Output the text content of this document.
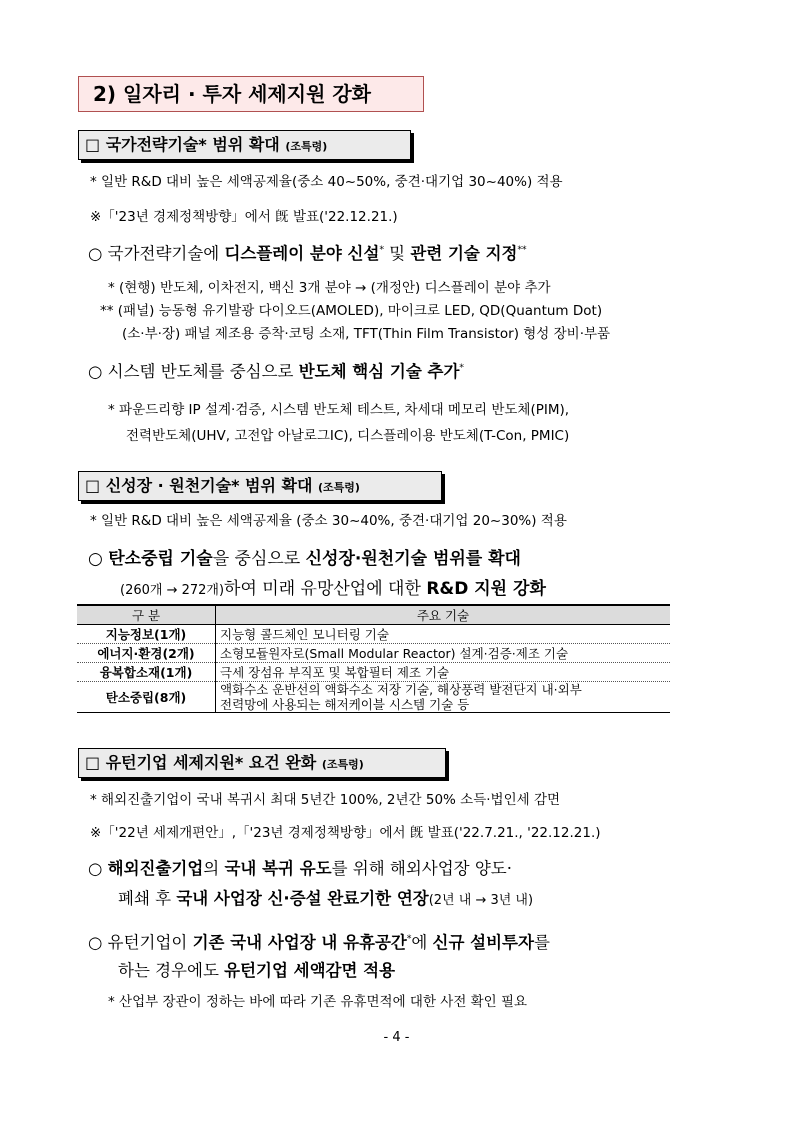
2) 일자리 · 투자 세제지원 강화
□ 국가전략기술* 범위 확대 (조특령)
* 일반 R&D 대비 높은 세액공제율(중소 40~50%, 중견·대기업 30~40%) 적용
※「'23년 경제정책방향」에서 旣 발표('22.12.21.)
○ 국가전략기술에 디스플레이 분야 신설* 및 관련 기술 지정**
* (현행) 반도체, 이차전지, 백신 3개 분야 → (개정안) 디스플레이 분야 추가
** (패널) 능동형 유기발광 다이오드(AMOLED), 마이크로 LED, QD(Quantum Dot)
(소·부·장) 패널 제조용 증착·코팅 소재, TFT(Thin Film Transistor) 형성 장비·부품
○ 시스템 반도체를 중심으로 반도체 핵심 기술 추가*
* 파운드리향 IP 설계·검증, 시스템 반도체 테스트, 차세대 메모리 반도체(PIM),
전력반도체(UHV, 고전압 아날로그IC), 디스플레이용 반도체(T-Con, PMIC)
□ 신성장 · 원천기술* 범위 확대 (조특령)
* 일반 R&D 대비 높은 세액공제율 (중소 30~40%, 중견·대기업 20~30%) 적용
○ 탄소중립 기술을 중심으로 신성장·원천기술 범위를 확대
(260개 → 272개)하여 미래 유망산업에 대한 R&D 지원 강화
구 분	주요 기술
지능정보(1개)	지능형 콜드체인 모니터링 기술
에너지·환경(2개)	소형모듈원자로(Small Modular Reactor) 설계·검증·제조 기술
융복합소재(1개)	극세 장섬유 부직포 및 복합필터 제조 기술
탄소중립(8개)	액화수소 운반선의 액화수소 저장 기술, 해상풍력 발전단지 내·외부
전력망에 사용되는 해저케이블 시스템 기술 등
□ 유턴기업 세제지원* 요건 완화 (조특령)
* 해외진출기업이 국내 복귀시 최대 5년간 100%, 2년간 50% 소득·법인세 감면
※「'22년 세제개편안」,「'23년 경제정책방향」에서 旣 발표('22.7.21., '22.12.21.)
○ 해외진출기업의 국내 복귀 유도를 위해 해외사업장 양도·
폐쇄 후 국내 사업장 신·증설 완료기한 연장(2년 내 → 3년 내)
○ 유턴기업이 기존 국내 사업장 내 유휴공간*에 신규 설비투자를
하는 경우에도 유턴기업 세액감면 적용
* 산업부 장관이 정하는 바에 따라 기존 유휴면적에 대한 사전 확인 필요
- 4 -
